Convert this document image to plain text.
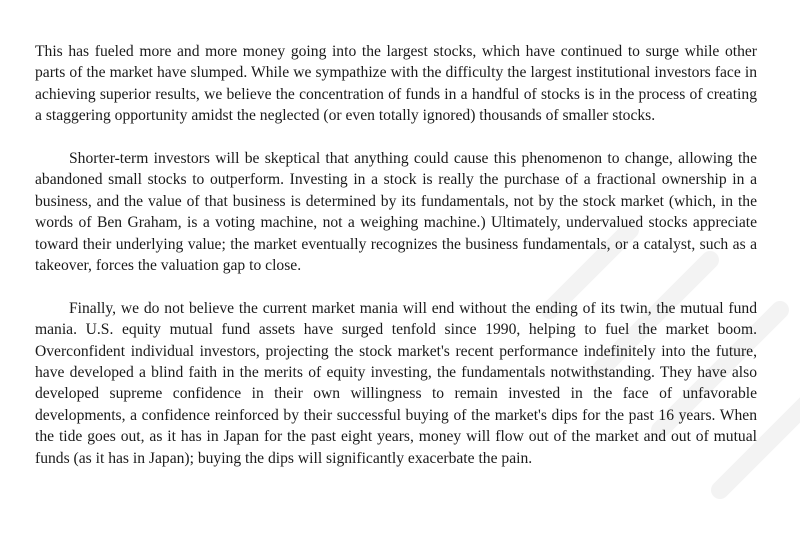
This has fueled more and more money going into the largest stocks, which have continued to surge while other parts of the market have slumped. While we sympathize with the difficulty the largest institutional investors face in achieving superior results, we believe the concentration of funds in a handful of stocks is in the process of creating a staggering opportunity amidst the neglected (or even totally ignored) thousands of smaller stocks.

Shorter-term investors will be skeptical that anything could cause this phenomenon to change, allowing the abandoned small stocks to outperform. Investing in a stock is really the purchase of a fractional ownership in a business, and the value of that business is determined by its fundamentals, not by the stock market (which, in the words of Ben Graham, is a voting machine, not a weighing machine.) Ultimately, undervalued stocks appreciate toward their underlying value; the market eventually recognizes the business fundamentals, or a catalyst, such as a takeover, forces the valuation gap to close.

Finally, we do not believe the current market mania will end without the ending of its twin, the mutual fund mania. U.S. equity mutual fund assets have surged tenfold since 1990, helping to fuel the market boom. Overconfident individual investors, projecting the stock market's recent performance indefinitely into the future, have developed a blind faith in the merits of equity investing, the fundamentals notwithstanding. They have also developed supreme confidence in their own willingness to remain invested in the face of unfavorable developments, a confidence reinforced by their successful buying of the market's dips for the past 16 years. When the tide goes out, as it has in Japan for the past eight years, money will flow out of the market and out of mutual funds (as it has in Japan); buying the dips will significantly exacerbate the pain.
